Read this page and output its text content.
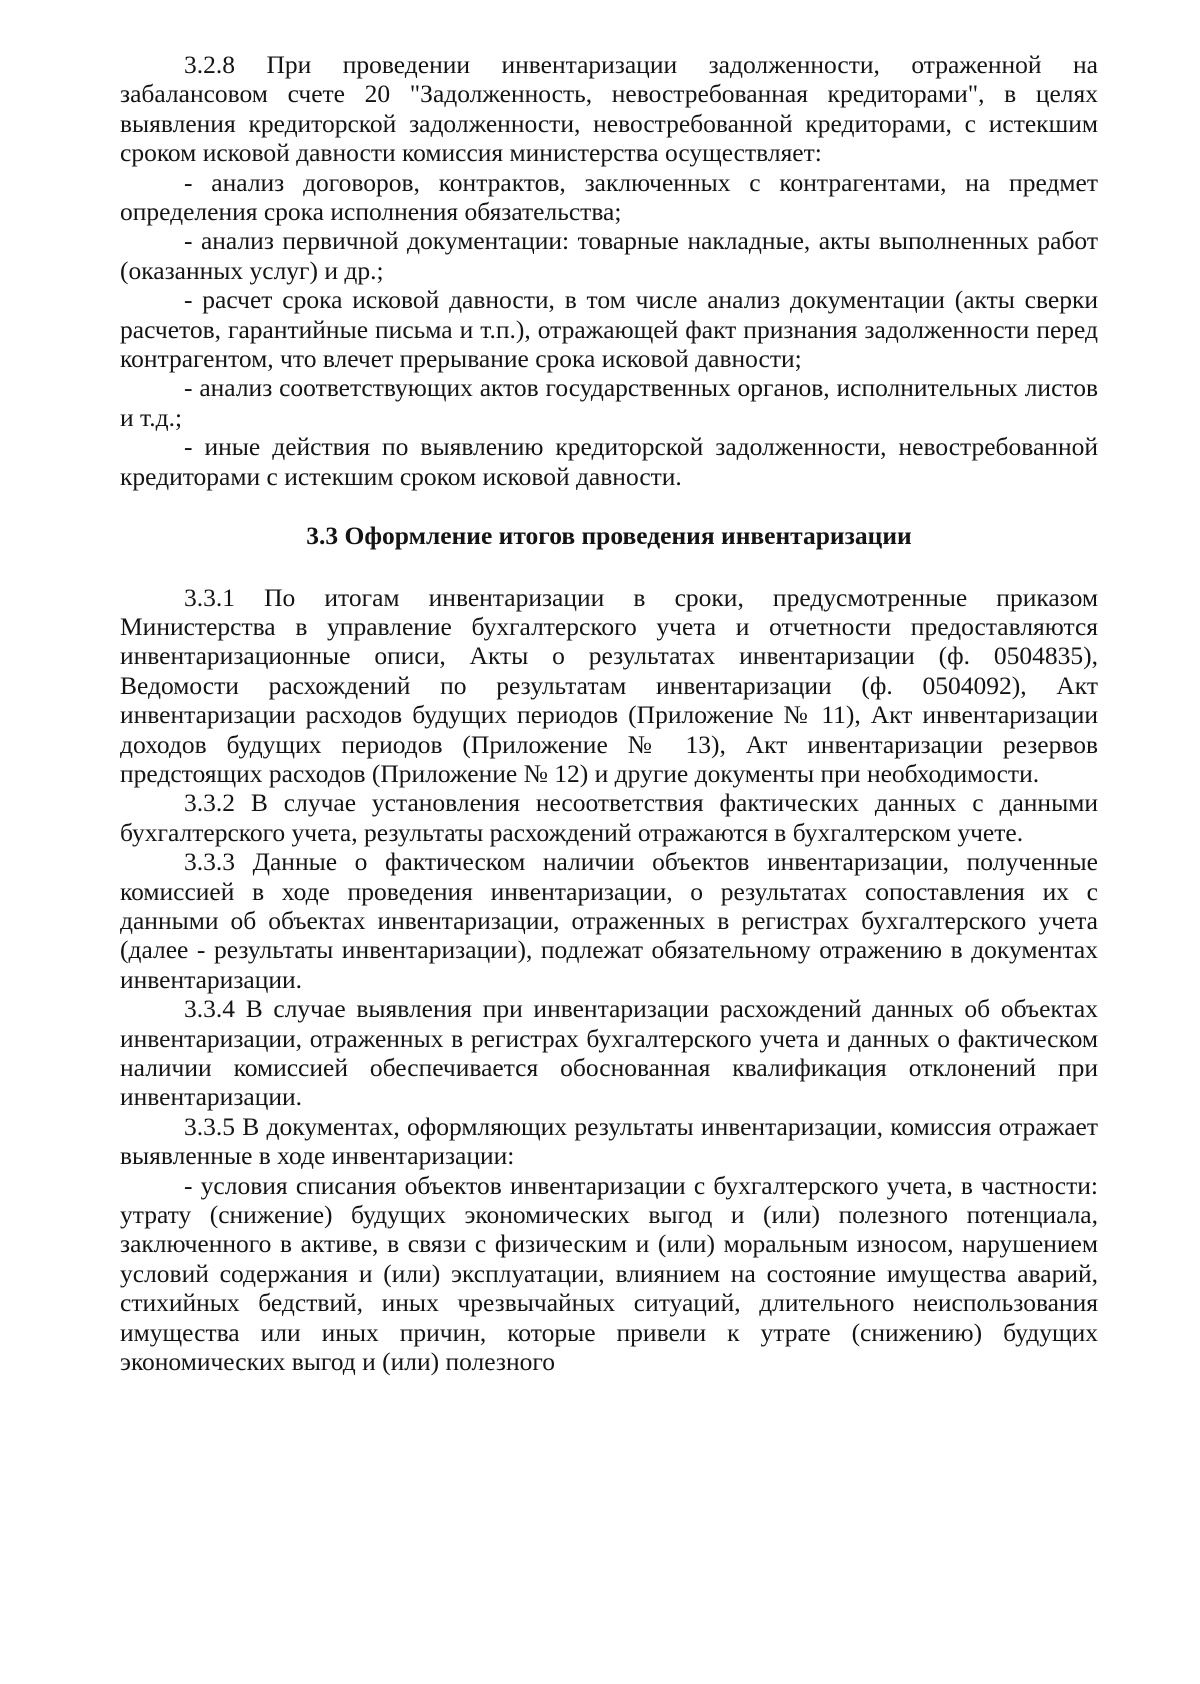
3.2.8 При проведении инвентаризации задолженности, отраженной на забалансовом счете 20 "Задолженность, невостребованная кредиторами", в целях выявления кредиторской задолженности, невостребованной кредиторами, с истекшим сроком исковой давности комиссия министерства осуществляет:

- анализ договоров, контрактов, заключенных с контрагентами, на предмет определения срока исполнения обязательства;

- анализ первичной документации: товарные накладные, акты выполненных работ (оказанных услуг) и др.;

- расчет срока исковой давности, в том числе анализ документации (акты сверки расчетов, гарантийные письма и т.п.), отражающей факт признания задолженности перед контрагентом, что влечет прерывание срока исковой давности;

- анализ соответствующих актов государственных органов, исполнительных листов и т.д.;

- иные действия по выявлению кредиторской задолженности, невостребованной кредиторами с истекшим сроком исковой давности.

3.3 Оформление итогов проведения инвентаризации

3.3.1 По итогам инвентаризации в сроки, предусмотренные приказом Министерства в управление бухгалтерского учета и отчетности предоставляются инвентаризационные описи, Акты о результатах инвентаризации (ф. 0504835), Ведомости расхождений по результатам инвентаризации (ф. 0504092), Акт инвентаризации расходов будущих периодов (Приложение № 11), Акт инвентаризации доходов будущих периодов (Приложение № 13), Акт инвентаризации резервов предстоящих расходов (Приложение № 12) и другие документы при необходимости.

3.3.2 В случае установления несоответствия фактических данных с данными бухгалтерского учета, результаты расхождений отражаются в бухгалтерском учете.

3.3.3 Данные о фактическом наличии объектов инвентаризации, полученные комиссией в ходе проведения инвентаризации, о результатах сопоставления их с данными об объектах инвентаризации, отраженных в регистрах бухгалтерского учета (далее - результаты инвентаризации), подлежат обязательному отражению в документах инвентаризации.

3.3.4 В случае выявления при инвентаризации расхождений данных об объектах инвентаризации, отраженных в регистрах бухгалтерского учета и данных о фактическом наличии комиссией обеспечивается обоснованная квалификация отклонений при инвентаризации.

3.3.5 В документах, оформляющих результаты инвентаризации, комиссия отражает выявленные в ходе инвентаризации:

- условия списания объектов инвентаризации с бухгалтерского учета, в частности: утрату (снижение) будущих экономических выгод и (или) полезного потенциала, заключенного в активе, в связи с физическим и (или) моральным износом, нарушением условий содержания и (или) эксплуатации, влиянием на состояние имущества аварий, стихийных бедствий, иных чрезвычайных ситуаций, длительного неиспользования имущества или иных причин, которые привели к утрате (снижению) будущих экономических выгод и (или) полезного
